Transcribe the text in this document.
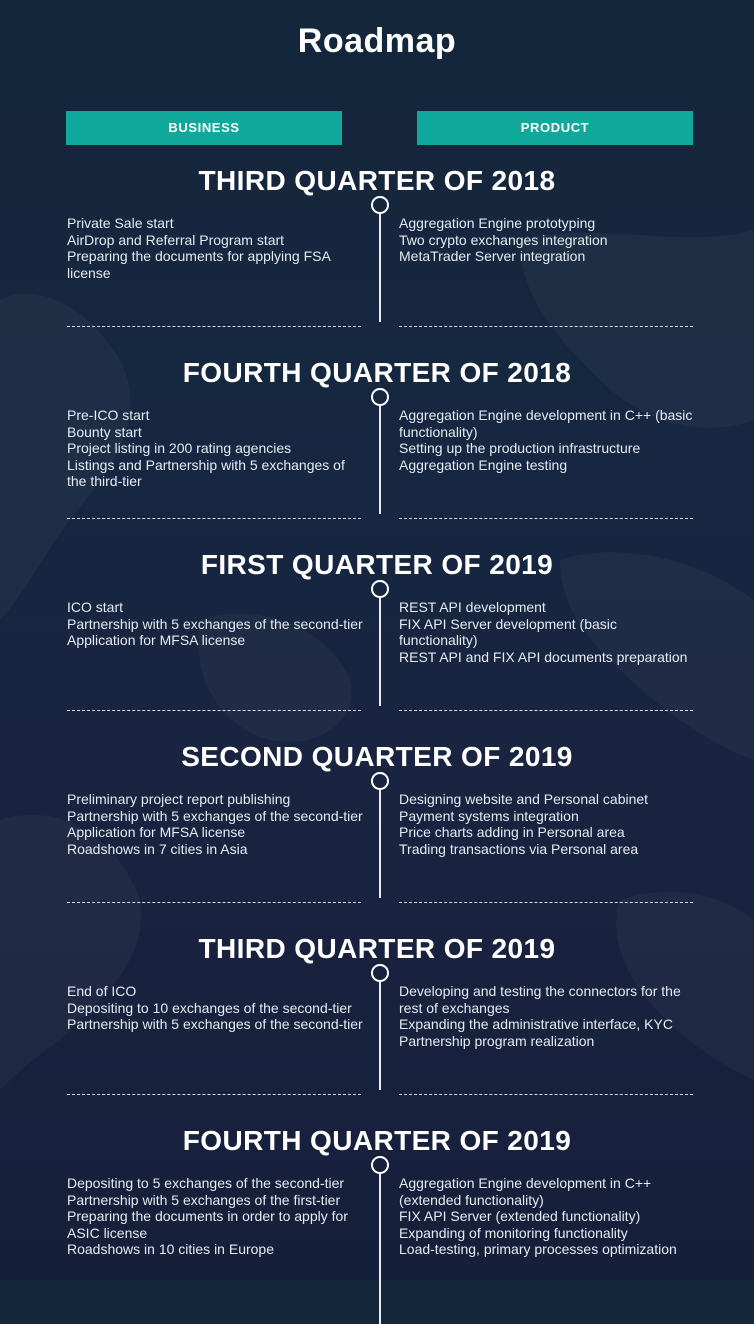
Roadmap
BUSINESS	PRODUCT
THIRD QUARTER OF 2018
Private Sale start
AirDrop and Referral Program start
Preparing the documents for applying FSA license
Aggregation Engine prototyping
Two crypto exchanges integration
MetaTrader Server integration
FOURTH QUARTER OF 2018
Pre-ICO start
Bounty start
Project listing in 200 rating agencies
Listings and Partnership with 5 exchanges of the third-tier
Aggregation Engine development in C++ (basic functionality)
Setting up the production infrastructure
Aggregation Engine testing
FIRST QUARTER OF 2019
ICO start
Partnership with 5 exchanges of the second-tier
Application for MFSA license
REST API development
FIX API Server development (basic functionality)
REST API and FIX API documents preparation
SECOND QUARTER OF 2019
Preliminary project report publishing
Partnership with 5 exchanges of the second-tier
Application for MFSA license
Roadshows in 7 cities in Asia
Designing website and Personal cabinet
Payment systems integration
Price charts adding in Personal area
Trading transactions via Personal area
THIRD QUARTER OF 2019
End of ICO
Depositing to 10 exchanges of the second-tier
Partnership with 5 exchanges of the second-tier
Developing and testing the connectors for the rest of exchanges
Expanding the administrative interface, KYC
Partnership program realization
FOURTH QUARTER OF 2019
Depositing to 5 exchanges of the second-tier
Partnership with 5 exchanges of the first-tier
Preparing the documents in order to apply for ASIC license
Roadshows in 10 cities in Europe
Aggregation Engine development in C++ (extended functionality)
FIX API Server (extended functionality)
Expanding of monitoring functionality
Load-testing, primary processes optimization
